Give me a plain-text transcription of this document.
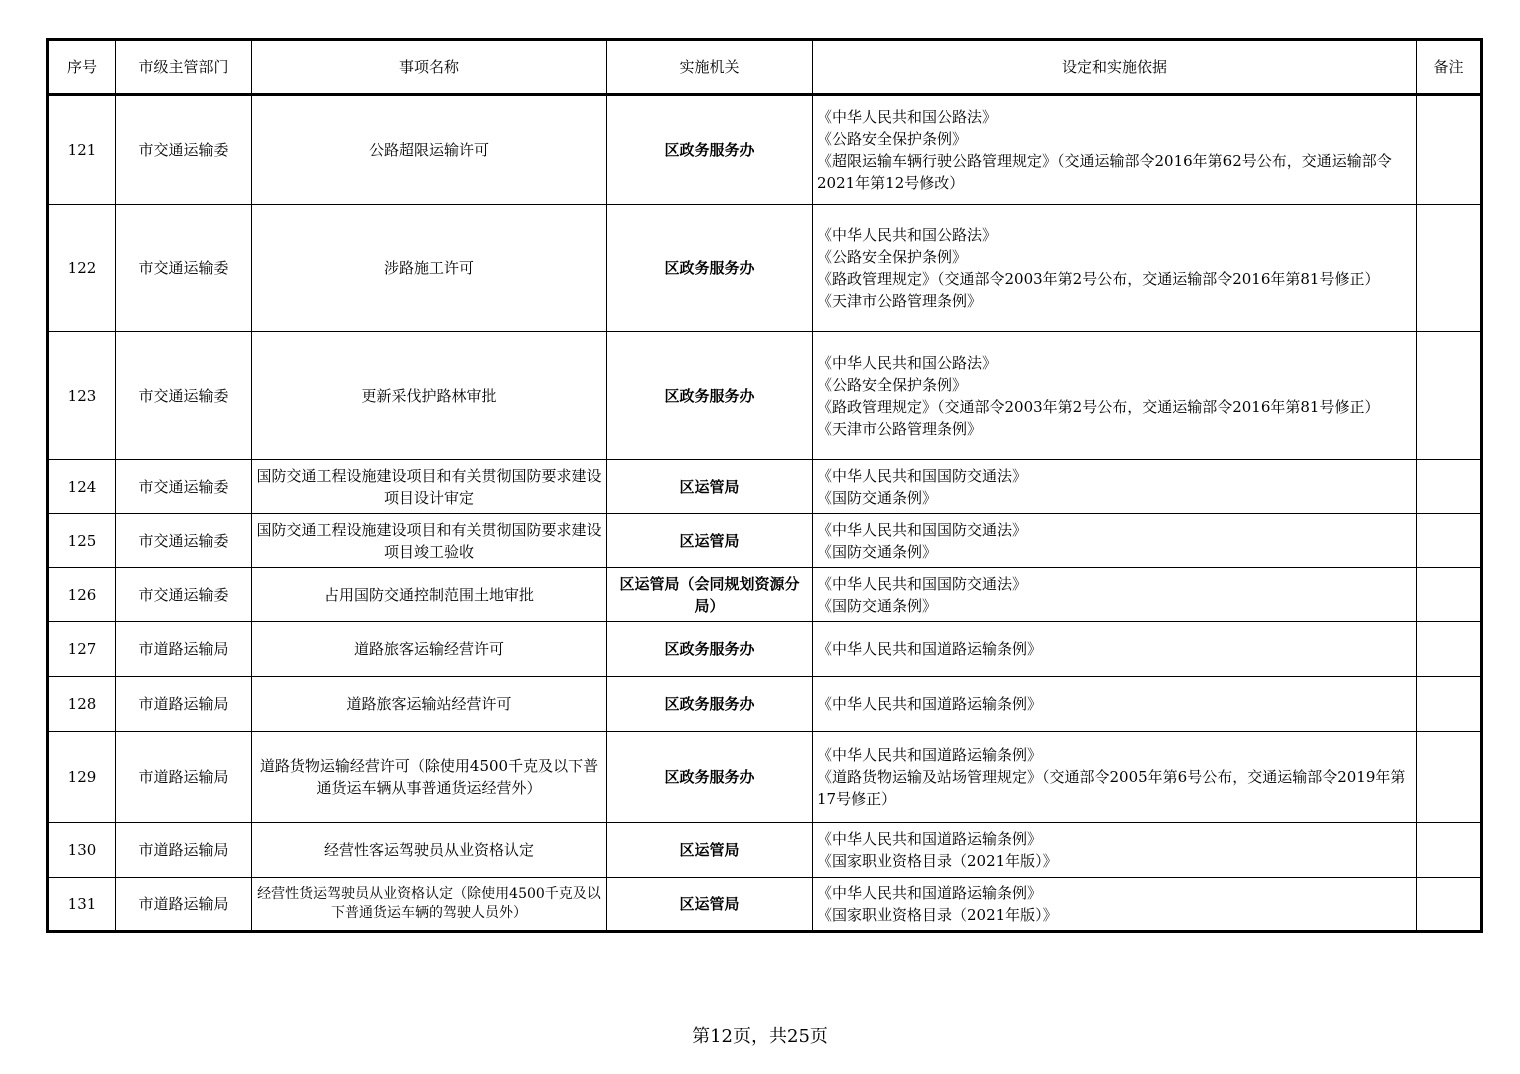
序号	市级主管部门	事项名称	实施机关	设定和实施依据	备注
121	市交通运输委	公路超限运输许可	区政务服务办	《中华人民共和国公路法》
《公路安全保护条例》
《超限运输车辆行驶公路管理规定》（交通运输部令2016年第62号公布，交通运输部令2021年第12号修改）	

122	市交通运输委	涉路施工许可	区政务服务办	《中华人民共和国公路法》
《公路安全保护条例》
《路政管理规定》（交通部令2003年第2号公布，交通运输部令2016年第81号修正）
《天津市公路管理条例》	

123	市交通运输委	更新采伐护路林审批	区政务服务办	《中华人民共和国公路法》
《公路安全保护条例》
《路政管理规定》（交通部令2003年第2号公布，交通运输部令2016年第81号修正）
《天津市公路管理条例》	

124	市交通运输委	国防交通工程设施建设项目和有关贯彻国防要求建设项目设计审定	区运管局	《中华人民共和国国防交通法》
《国防交通条例》	

125	市交通运输委	国防交通工程设施建设项目和有关贯彻国防要求建设项目竣工验收	区运管局	《中华人民共和国国防交通法》
《国防交通条例》	

126	市交通运输委	占用国防交通控制范围土地审批	区运管局（会同规划资源分局）	《中华人民共和国国防交通法》
《国防交通条例》	

127	市道路运输局	道路旅客运输经营许可	区政务服务办	《中华人民共和国道路运输条例》	

128	市道路运输局	道路旅客运输站经营许可	区政务服务办	《中华人民共和国道路运输条例》	

129	市道路运输局	道路货物运输经营许可（除使用4500千克及以下普通货运车辆从事普通货运经营外）	区政务服务办	《中华人民共和国道路运输条例》
《道路货物运输及站场管理规定》（交通部令2005年第6号公布，交通运输部令2019年第17号修正）	

130	市道路运输局	经营性客运驾驶员从业资格认定	区运管局	《中华人民共和国道路运输条例》
《国家职业资格目录（2021年版）》	

131	市道路运输局	经营性货运驾驶员从业资格认定（除使用4500千克及以下普通货运车辆的驾驶人员外）	区运管局	《中华人民共和国道路运输条例》
《国家职业资格目录（2021年版）》	

第12页，共25页
